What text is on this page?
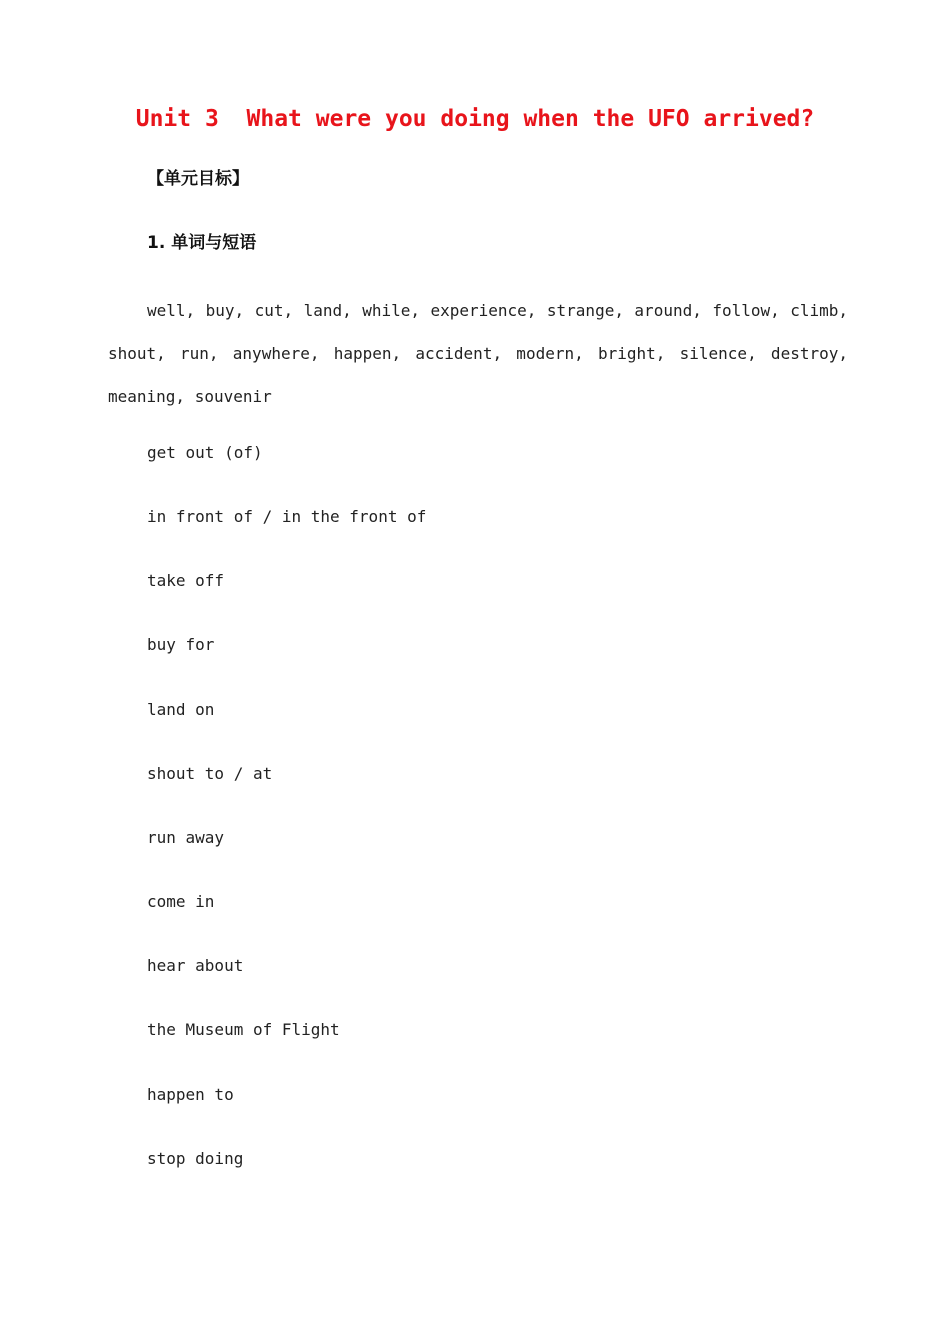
Unit 3  What were you doing when the UFO arrived?
【单元目标】
1. 单词与短语

well, buy, cut, land, while, experience, strange, around, follow, climb, shout, run, anywhere, happen, accident, modern, bright, silence, destroy, meaning, souvenir

get out (of)
in front of / in the front of
take off
buy for
land on
shout to / at
run away
come in
hear about
the Museum of Flight
happen to
stop doing
